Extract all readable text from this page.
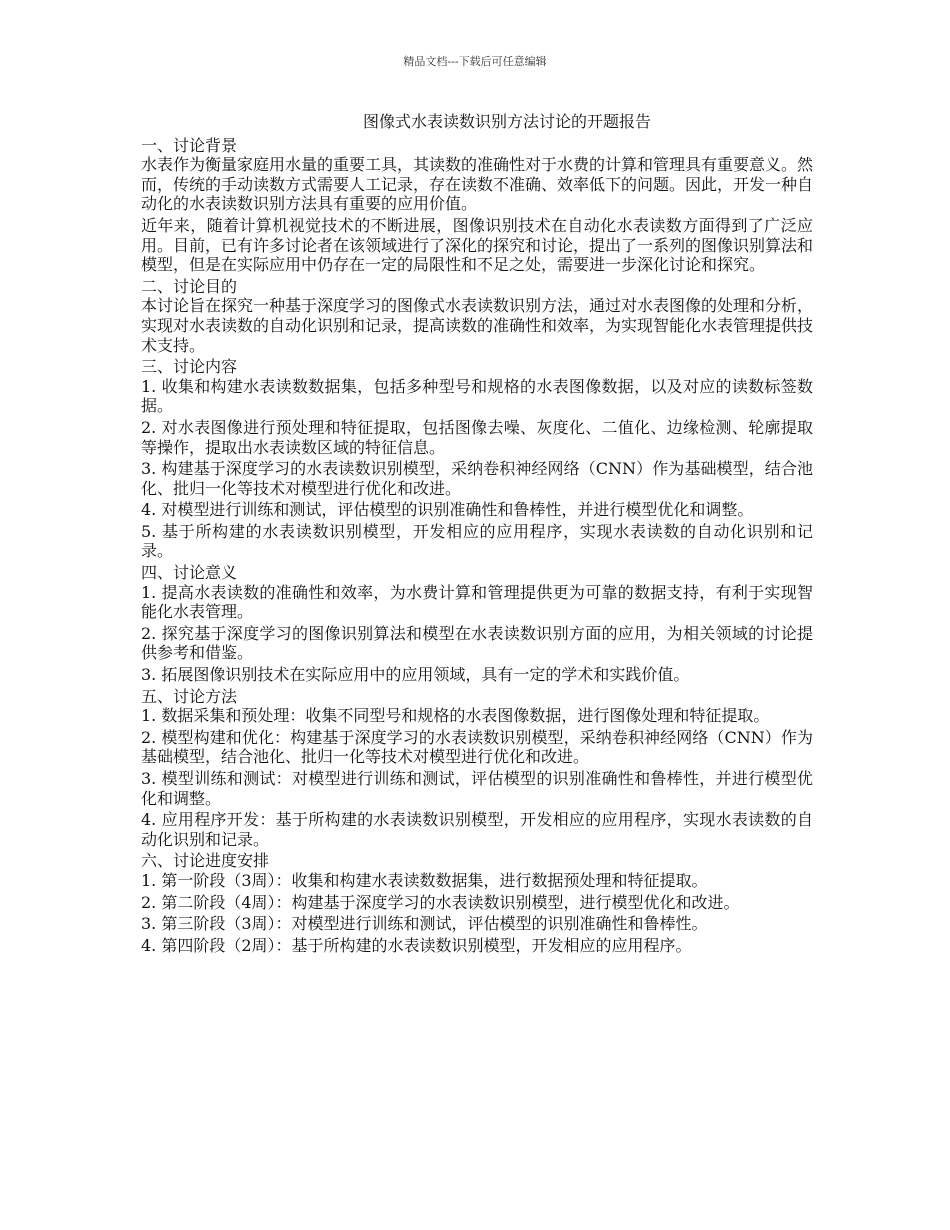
精品文档---下载后可任意编辑
图像式水表读数识别方法讨论的开题报告

一、讨论背景

水表作为衡量家庭用水量的重要工具，其读数的准确性对于水费的计算和管理具有重要意义。然而，传统的手动读数方式需要人工记录，存在读数不准确、效率低下的问题。因此，开发一种自动化的水表读数识别方法具有重要的应用价值。

近年来，随着计算机视觉技术的不断进展，图像识别技术在自动化水表读数方面得到了广泛应用。目前，已有许多讨论者在该领域进行了深化的探究和讨论，提出了一系列的图像识别算法和模型，但是在实际应用中仍存在一定的局限性和不足之处，需要进一步深化讨论和探究。

二、讨论目的

本讨论旨在探究一种基于深度学习的图像式水表读数识别方法，通过对水表图像的处理和分析，实现对水表读数的自动化识别和记录，提高读数的准确性和效率，为实现智能化水表管理提供技术支持。

三、讨论内容

1. 收集和构建水表读数数据集，包括多种型号和规格的水表图像数据，以及对应的读数标签数据。

2. 对水表图像进行预处理和特征提取，包括图像去噪、灰度化、二值化、边缘检测、轮廓提取等操作，提取出水表读数区域的特征信息。

3. 构建基于深度学习的水表读数识别模型，采纳卷积神经网络（CNN）作为基础模型，结合池化、批归一化等技术对模型进行优化和改进。

4. 对模型进行训练和测试，评估模型的识别准确性和鲁棒性，并进行模型优化和调整。

5. 基于所构建的水表读数识别模型，开发相应的应用程序，实现水表读数的自动化识别和记录。

四、讨论意义

1. 提高水表读数的准确性和效率，为水费计算和管理提供更为可靠的数据支持，有利于实现智能化水表管理。

2. 探究基于深度学习的图像识别算法和模型在水表读数识别方面的应用，为相关领域的讨论提供参考和借鉴。

3. 拓展图像识别技术在实际应用中的应用领域，具有一定的学术和实践价值。

五、讨论方法

1. 数据采集和预处理：收集不同型号和规格的水表图像数据，进行图像处理和特征提取。

2. 模型构建和优化：构建基于深度学习的水表读数识别模型，采纳卷积神经网络（CNN）作为基础模型，结合池化、批归一化等技术对模型进行优化和改进。

3. 模型训练和测试：对模型进行训练和测试，评估模型的识别准确性和鲁棒性，并进行模型优化和调整。

4. 应用程序开发：基于所构建的水表读数识别模型，开发相应的应用程序，实现水表读数的自动化识别和记录。

六、讨论进度安排

1. 第一阶段（3周）：收集和构建水表读数数据集，进行数据预处理和特征提取。

2. 第二阶段（4周）：构建基于深度学习的水表读数识别模型，进行模型优化和改进。

3. 第三阶段（3周）：对模型进行训练和测试，评估模型的识别准确性和鲁棒性。

4. 第四阶段（2周）：基于所构建的水表读数识别模型，开发相应的应用程序。
